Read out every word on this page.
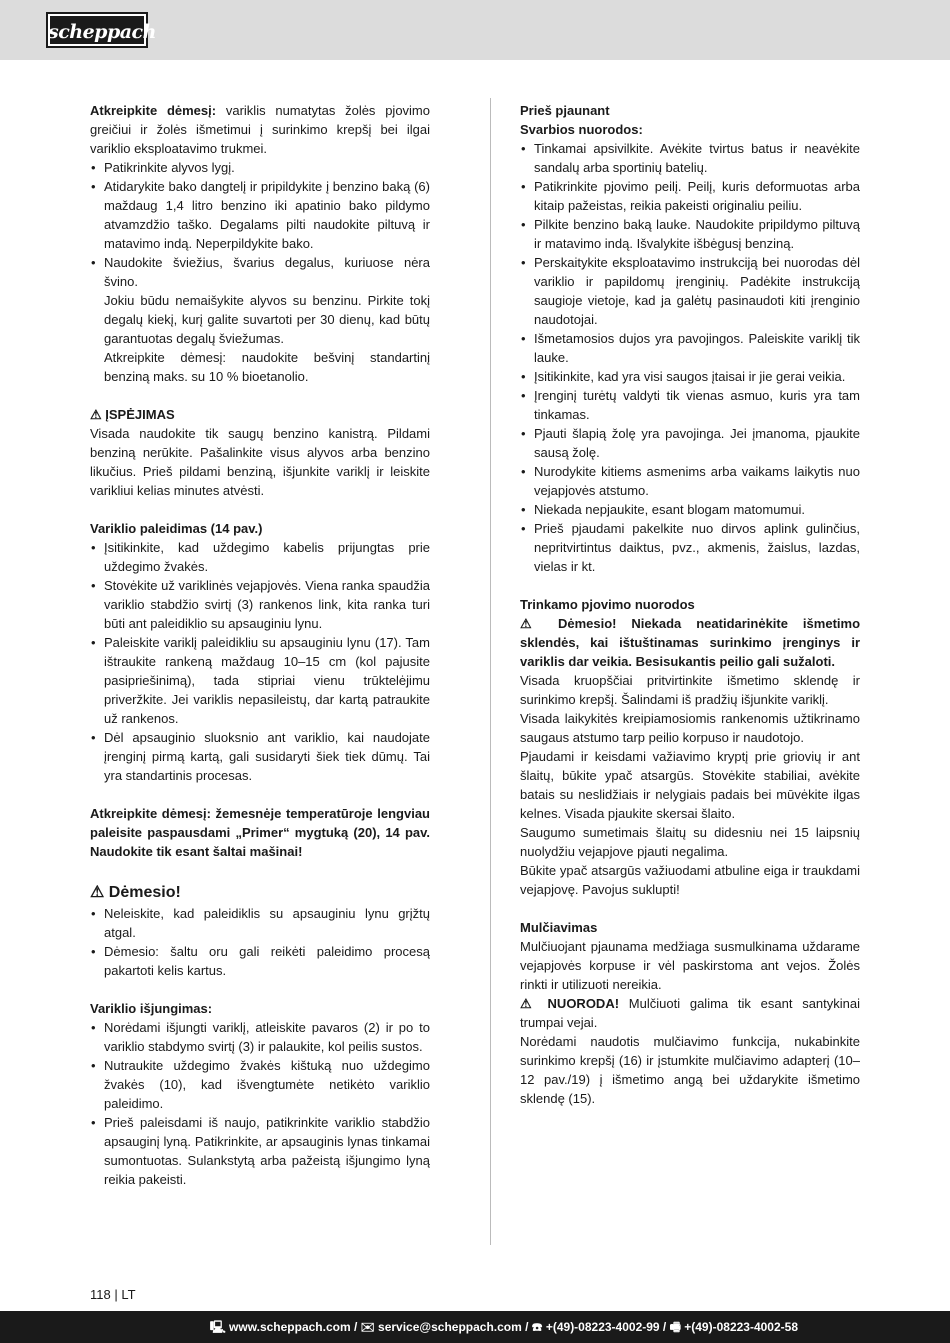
scheppach

Atkreipkite dėmesį: variklis numatytas žolės pjovimo greičiui ir žolės išmetimui į surinkimo krepšį bei ilgai variklio eksploatavimo trukmei.

• Patikrinkite alyvos lygį.
• Atidarykite bako dangtelį ir pripildykite į benzino baką (6) maždaug 1,4 litro benzino iki apatinio bako pildymo atvamzdžio taško. Degalams pilti naudokite piltuvą ir matavimo indą. Neperpildykite bako.
• Naudokite šviežius, švarius degalus, kuriuose nėra švino.

Jokiu būdu nemaišykite alyvos su benzinu. Pirkite tokį degalų kiekį, kurį galite suvartoti per 30 dienų, kad būtų garantuotas degalų šviežumas.

Atkreipkite dėmesį: naudokite bešvinį standartinį benziną maks. su 10 % bioetanolio.

⚠ ĮSPĖJIMAS

Visada naudokite tik saugų benzino kanistrą. Pildami benziną nerūkite. Pašalinkite visus alyvos arba benzino likučius. Prieš pildami benziną, išjunkite variklį ir leiskite varikliui kelias minutes atvėsti.

Variklio paleidimas (14 pav.)

• Įsitikinkite, kad uždegimo kabelis prijungtas prie uždegimo žvakės.
• Stovėkite už variklinės vejapjovės. Viena ranka spaudžia variklio stabdžio svirtį (3) rankenos link, kita ranka turi būti ant paleidiklio su apsauginiu lynu.
• Paleiskite variklį paleidikliu su apsauginiu lynu (17). Tam ištraukite rankeną maždaug 10–15 cm (kol pajusite pasipriešinimą), tada stipriai vienu trūktelėjimu priveržkite. Jei variklis nepasileistų, dar kartą patraukite už rankenos.
• Dėl apsauginio sluoksnio ant variklio, kai naudojate įrenginį pirmą kartą, gali susidaryti šiek tiek dūmų. Tai yra standartinis procesas.

Atkreipkite dėmesį: žemesnėje temperatūroje lengviau paleisite paspausdami „Primer“ mygtuką (20), 14 pav. Naudokite tik esant šaltai mašinai!

⚠ Dėmesio!

• Neleiskite, kad paleidiklis su apsauginiu lynu grįžtų atgal.
• Dėmesio: šaltu oru gali reikėti paleidimo procesą pakartoti kelis kartus.

Variklio išjungimas:

• Norėdami išjungti variklį, atleiskite pavaros (2) ir po to variklio stabdymo svirtį (3) ir palaukite, kol peilis sustos.
• Nutraukite uždegimo žvakės kištuką nuo uždegimo žvakės (10), kad išvengtumėte netikėto variklio paleidimo.
• Prieš paleisdami iš naujo, patikrinkite variklio stabdžio apsauginį lyną. Patikrinkite, ar apsauginis lynas tinkamai sumontuotas. Sulankstytą arba pažeistą išjungimo lyną reikia pakeisti.

Prieš pjaunant

Svarbios nuorodos:

• Tinkamai apsivilkite. Avėkite tvirtus batus ir neavėkite sandalų arba sportinių batelių.
• Patikrinkite pjovimo peilį. Peilį, kuris deformuotas arba kitaip pažeistas, reikia pakeisti originaliu peiliu.
• Pilkite benzino baką lauke. Naudokite pripildymo piltuvą ir matavimo indą. Išvalykite išbėgusį benziną.
• Perskaitykite eksploatavimo instrukciją bei nuorodas dėl variklio ir papildomų įrenginių. Padėkite instrukciją saugioje vietoje, kad ja galėtų pasinaudoti kiti įrenginio naudotojai.
• Išmetamosios dujos yra pavojingos. Paleiskite variklį tik lauke.
• Įsitikinkite, kad yra visi saugos įtaisai ir jie gerai veikia.
• Įrenginį turėtų valdyti tik vienas asmuo, kuris yra tam tinkamas.
• Pjauti šlapią žolę yra pavojinga. Jei įmanoma, pjaukite sausą žolę.
• Nurodykite kitiems asmenims arba vaikams laikytis nuo vejapjovės atstumo.
• Niekada nepjaukite, esant blogam matomumui.
• Prieš pjaudami pakelkite nuo dirvos aplink gulinčius, nepritvirtintus daiktus, pvz., akmenis, žaislus, lazdas, vielas ir kt.

Trinkamo pjovimo nuorodos

⚠ Dėmesio! Niekada neatidarinėkite išmetimo sklendės, kai ištuštinamas surinkimo įrenginys ir variklis dar veikia. Besisukantis peilio gali sužaloti.

Visada kruopščiai pritvirtinkite išmetimo sklendę ir surinkimo krepšį. Šalindami iš pradžių išjunkite variklį.

Visada laikykitės kreipiamosiomis rankenomis užtikrinamo saugaus atstumo tarp peilio korpuso ir naudotojo.

Pjaudami ir keisdami važiavimo kryptį prie griovių ir ant šlaitų, būkite ypač atsargūs. Stovėkite stabiliai, avėkite batais su neslidžiais ir nelygiais padais bei mūvėkite ilgas kelnes. Visada pjaukite skersai šlaito.

Saugumo sumetimais šlaitų su didesniu nei 15 laipsnių nuolydžiu vejapjove pjauti negalima.

Būkite ypač atsargūs važiuodami atbuline eiga ir traukdami vejapjovę. Pavojus suklupti!

Mulčiavimas

Mulčiuojant pjaunama medžiaga susmulkinama uždarame vejapjovės korpuse ir vėl paskirstoma ant vejos. Žolės rinkti ir utilizuoti nereikia.

⚠ NUORODA! Mulčiuoti galima tik esant santykinai trumpai vejai.

Norėdami naudotis mulčiavimo funkcija, nukabinkite surinkimo krepšį (16) ir įstumkite mulčiavimo adapterį (10–12 pav./19) į išmetimo angą bei uždarykite išmetimo sklendę (15).

118 | LT
🖳 www.scheppach.com / ✉ service@scheppach.com / ☎ +(49)-08223-4002-99 / 🖷 +(49)-08223-4002-58
